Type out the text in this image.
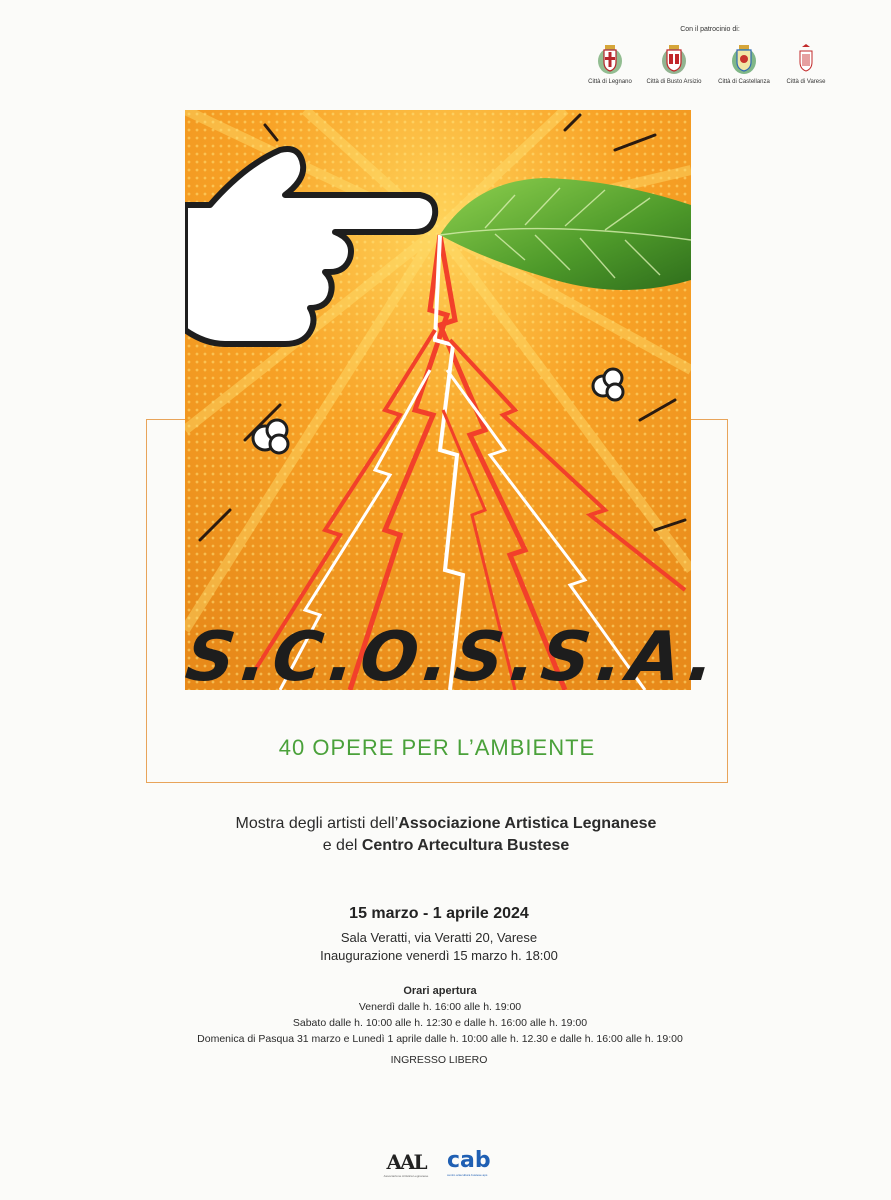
Con il patrocinio di:
Città di Legnano	Città di Busto Arsizio	Città di Castellanza	Città di Varese
S.C.O.S.S.A.
40 OPERE PER L’AMBIENTE
Mostra degli artisti dell’Associazione Artistica Legnanese
e del Centro Artecultura Bustese
15 marzo - 1 aprile 2024
Sala Veratti, via Veratti 20, Varese
Inaugurazione venerdì 15 marzo h. 18:00
Orari apertura
Venerdì dalle h. 16:00 alle h. 19:00
Sabato dalle h. 10:00 alle h. 12:30 e dalle h. 16:00 alle h. 19:00
Domenica di Pasqua 31 marzo e Lunedì 1 aprile dalle h. 10:00 alle h. 12.30 e dalle h. 16:00 alle h. 19:00
INGRESSO LIBERO
AAL
Associazione Artistica Legnanese
cab
centro artecultura bustese aps
